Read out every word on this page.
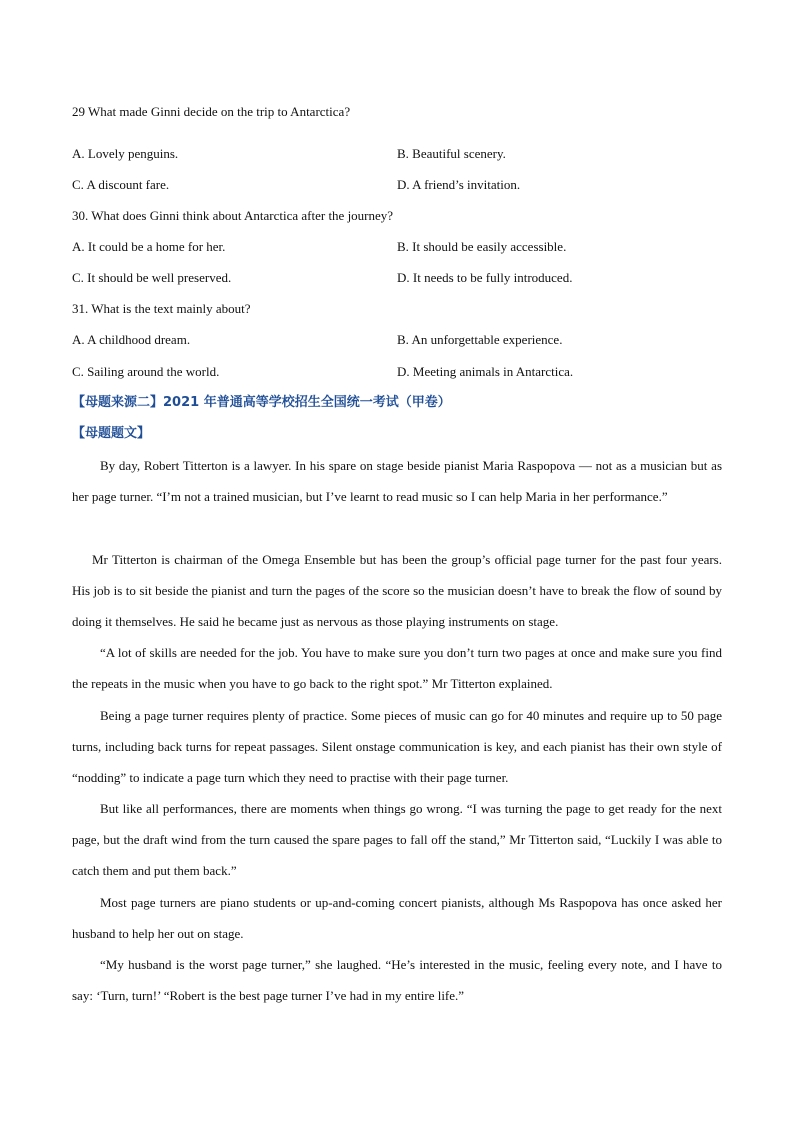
29 What made Ginni decide on the trip to Antarctica?
A. Lovely penguins.	B. Beautiful scenery.
C. A discount fare.	D. A friend’s invitation.
30. What does Ginni think about Antarctica after the journey?
A. It could be a home for her.	B. It should be easily accessible.
C. It should be well preserved.	D. It needs to be fully introduced.
31. What is the text mainly about?
A. A childhood dream.	B. An unforgettable experience.
C. Sailing around the world.	D. Meeting animals in Antarctica.
【母题来源二】2021 年普通高等学校招生全国统一考试（甲卷）
【母题题文】

By day, Robert Titterton is a lawyer. In his spare on stage beside pianist Maria Raspopova — not as a musician but as her page turner. “I’m not a trained musician, but I’ve learnt to read music so I can help Maria in her performance.”

Mr Titterton is chairman of the Omega Ensemble but has been the group’s official page turner for the past four years. His job is to sit beside the pianist and turn the pages of the score so the musician doesn’t have to break the flow of sound by doing it themselves. He said he became just as nervous as those playing instruments on stage.

“A lot of skills are needed for the job. You have to make sure you don’t turn two pages at once and make sure you find the repeats in the music when you have to go back to the right spot.” Mr Titterton explained.

Being a page turner requires plenty of practice. Some pieces of music can go for 40 minutes and require up to 50 page turns, including back turns for repeat passages. Silent onstage communication is key, and each pianist has their own style of “nodding” to indicate a page turn which they need to practise with their page turner.

But like all performances, there are moments when things go wrong. “I was turning the page to get ready for the next page, but the draft wind from the turn caused the spare pages to fall off the stand,” Mr Titterton said, “Luckily I was able to catch them and put them back.”

Most page turners are piano students or up-and-coming concert pianists, although Ms Raspopova has once asked her husband to help her out on stage.

“My husband is the worst page turner,” she laughed. “He’s interested in the music, feeling every note, and I have to say: ‘Turn, turn!’ “Robert is the best page turner I’ve had in my entire life.”
